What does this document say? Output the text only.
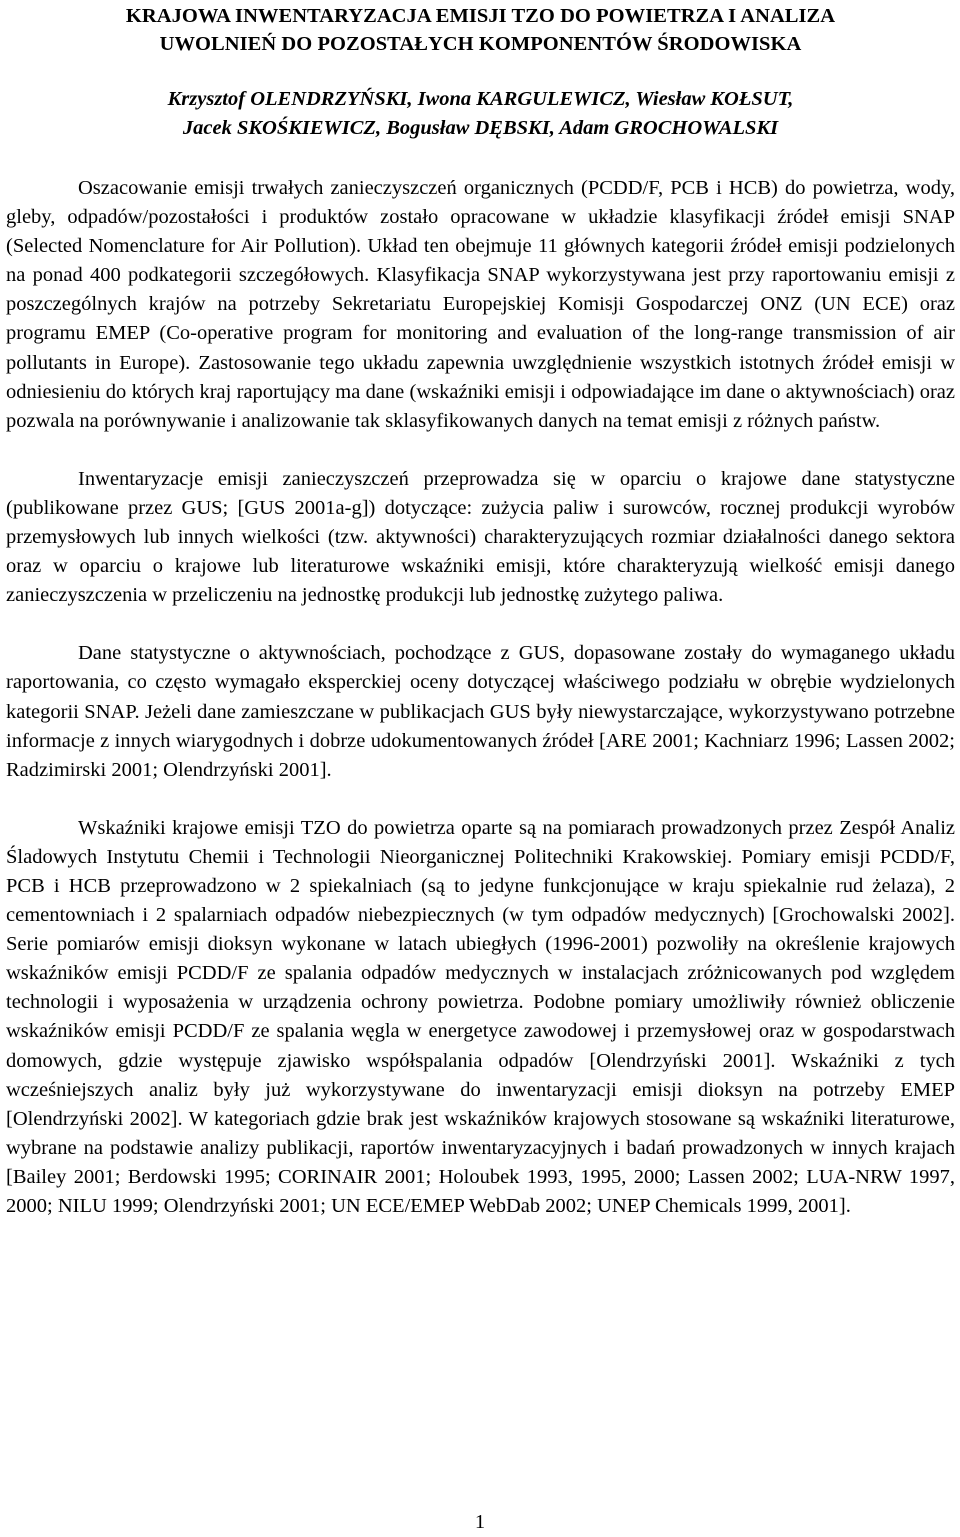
KRAJOWA INWENTARYZACJA EMISJI TZO DO POWIETRZA I ANALIZA

UWOLNIEŃ DO POZOSTAŁYCH KOMPONENTÓW ŚRODOWISKA

Krzysztof OLENDRZYŃSKI, Iwona KARGULEWICZ, Wiesław KOŁSUT,

Jacek SKOŚKIEWICZ, Bogusław DĘBSKI, Adam GROCHOWALSKI

Oszacowanie emisji trwałych zanieczyszczeń organicznych (PCDD/F, PCB i HCB) do powietrza, wody, gleby, odpadów/pozostałości i produktów zostało opracowane w układzie klasyfikacji źródeł emisji SNAP (Selected Nomenclature for Air Pollution). Układ ten obejmuje 11 głównych kategorii źródeł emisji podzielonych na ponad 400 podkategorii szczegółowych. Klasyfikacja SNAP wykorzystywana jest przy raportowaniu emisji z poszczególnych krajów na potrzeby Sekretariatu Europejskiej Komisji Gospodarczej ONZ (UN ECE) oraz programu EMEP (Co-operative program for monitoring and evaluation of the long-range transmission of air pollutants in Europe). Zastosowanie tego układu zapewnia uwzględnienie wszystkich istotnych źródeł emisji w odniesieniu do których kraj raportujący ma dane (wskaźniki emisji i odpowiadające im dane o aktywnościach) oraz pozwala na porównywanie i analizowanie tak sklasyfikowanych danych na temat emisji z różnych państw.

Inwentaryzacje emisji zanieczyszczeń przeprowadza się w oparciu o krajowe dane statystyczne (publikowane przez GUS; [GUS 2001a-g]) dotyczące: zużycia paliw i surowców, rocznej produkcji wyrobów przemysłowych lub innych wielkości (tzw. aktywności) charakteryzujących rozmiar działalności danego sektora oraz w oparciu o krajowe lub literaturowe wskaźniki emisji, które charakteryzują wielkość emisji danego zanieczyszczenia w przeliczeniu na jednostkę produkcji lub jednostkę zużytego paliwa.

Dane statystyczne o aktywnościach, pochodzące z GUS, dopasowane zostały do wymaganego układu raportowania, co często wymagało eksperckiej oceny dotyczącej właściwego podziału w obrębie wydzielonych kategorii SNAP. Jeżeli dane zamieszczane w publikacjach GUS były niewystarczające, wykorzystywano potrzebne informacje z innych wiarygodnych i dobrze udokumentowanych źródeł [ARE 2001; Kachniarz 1996; Lassen 2002; Radzimirski 2001; Olendrzyński 2001].

Wskaźniki krajowe emisji TZO do powietrza oparte są na pomiarach prowadzonych przez Zespół Analiz Śladowych Instytutu Chemii i Technologii Nieorganicznej Politechniki Krakowskiej. Pomiary emisji PCDD/F, PCB i HCB przeprowadzono w 2 spiekalniach (są to jedyne funkcjonujące w kraju spiekalnie rud żelaza), 2 cementowniach i 2 spalarniach odpadów niebezpiecznych (w tym odpadów medycznych) [Grochowalski 2002]. Serie pomiarów emisji dioksyn wykonane w latach ubiegłych (1996-2001) pozwoliły na określenie krajowych wskaźników emisji PCDD/F ze spalania odpadów medycznych w instalacjach zróżnicowanych pod względem technologii i wyposażenia w urządzenia ochrony powietrza. Podobne pomiary umożliwiły również obliczenie wskaźników emisji PCDD/F ze spalania węgla w energetyce zawodowej i przemysłowej oraz w gospodarstwach domowych, gdzie występuje zjawisko współspalania odpadów [Olendrzyński 2001]. Wskaźniki z tych wcześniejszych analiz były już wykorzystywane do inwentaryzacji emisji dioksyn na potrzeby EMEP [Olendrzyński 2002]. W kategoriach gdzie brak jest wskaźników krajowych stosowane są wskaźniki literaturowe, wybrane na podstawie analizy publikacji, raportów inwentaryzacyjnych i badań prowadzonych w innych krajach [Bailey 2001; Berdowski 1995; CORINAIR 2001; Holoubek 1993, 1995, 2000; Lassen 2002; LUA-NRW 1997, 2000; NILU 1999; Olendrzyński 2001; UN ECE/EMEP WebDab 2002; UNEP Chemicals 1999, 2001].

1
